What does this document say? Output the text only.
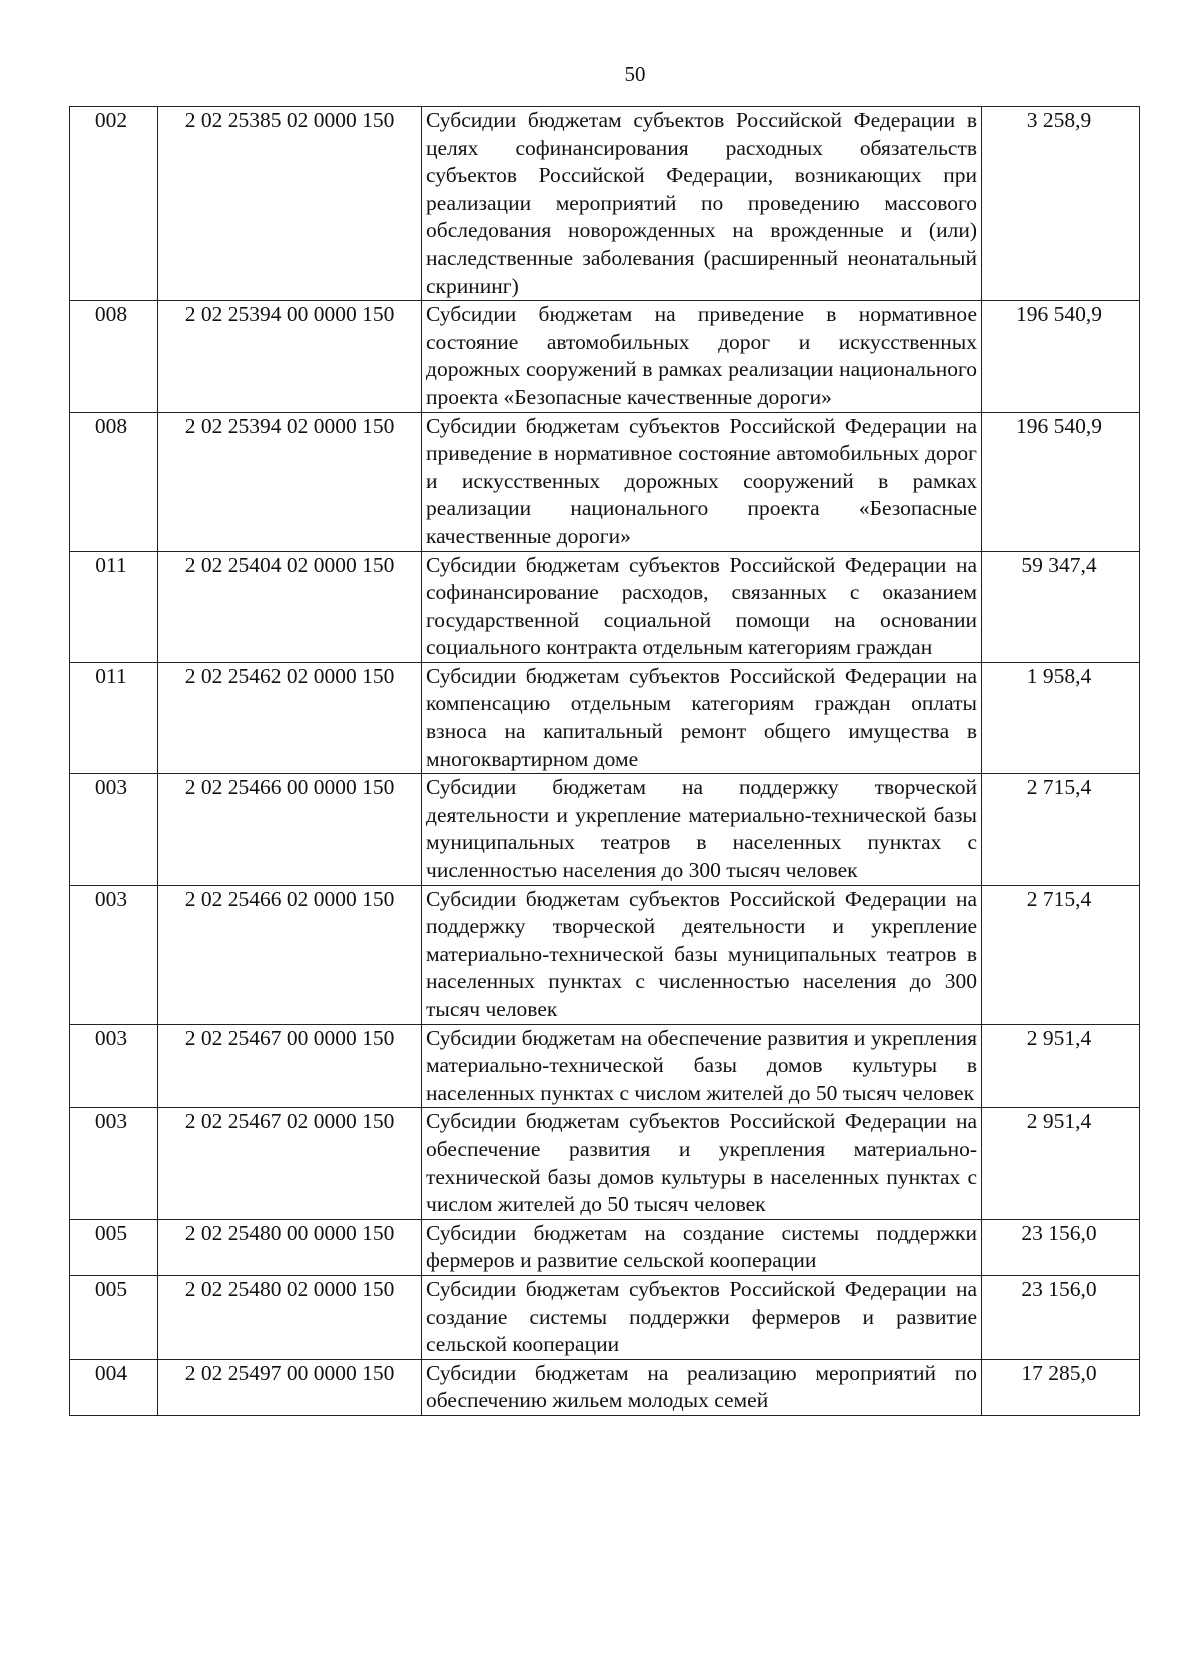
50
002	2 02 25385 02 0000 150	Субсидии бюджетам субъектов Российской Федерации в целях софинансирования расходных обязательств субъектов Российской Федерации, возникающих при реализации мероприятий по проведению массового обследования новорожденных на врожденные и (или) наследственные заболевания (расширенный неонатальный скрининг)	3 258,9
008	2 02 25394 00 0000 150	Субсидии бюджетам на приведение в нормативное состояние автомобильных дорог и искусственных дорожных сооружений в рамках реализации национального проекта «Безопасные качественные дороги»	196 540,9
008	2 02 25394 02 0000 150	Субсидии бюджетам субъектов Российской Федерации на приведение в нормативное состояние автомобильных дорог и искусственных дорожных сооружений в рамках реализации национального проекта «Безопасные качественные дороги»	196 540,9
011	2 02 25404 02 0000 150	Субсидии бюджетам субъектов Российской Федерации на софинансирование расходов, связанных с оказанием государственной социальной помощи на основании социального контракта отдельным категориям граждан	59 347,4
011	2 02 25462 02 0000 150	Субсидии бюджетам субъектов Российской Федерации на компенсацию отдельным категориям граждан оплаты взноса на капитальный ремонт общего имущества в многоквартирном доме	1 958,4
003	2 02 25466 00 0000 150	Субсидии бюджетам на поддержку творческой деятельности и укрепление материально-технической базы муниципальных театров в населенных пунктах с численностью населения до 300 тысяч человек	2 715,4
003	2 02 25466 02 0000 150	Субсидии бюджетам субъектов Российской Федерации на поддержку творческой деятельности и укрепление материально-технической базы муниципальных театров в населенных пунктах с численностью населения до 300 тысяч человек	2 715,4
003	2 02 25467 00 0000 150	Субсидии бюджетам на обеспечение развития и укрепления материально-технической базы домов культуры в населенных пунктах с числом жителей до 50 тысяч человек	2 951,4
003	2 02 25467 02 0000 150	Субсидии бюджетам субъектов Российской Федерации на обеспечение развития и укрепления материально-технической базы домов культуры в населенных пунктах с числом жителей до 50 тысяч человек	2 951,4
005	2 02 25480 00 0000 150	Субсидии бюджетам на создание системы поддержки фермеров и развитие сельской кооперации	23 156,0
005	2 02 25480 02 0000 150	Субсидии бюджетам субъектов Российской Федерации на создание системы поддержки фермеров и развитие сельской кооперации	23 156,0
004	2 02 25497 00 0000 150	Субсидии бюджетам на реализацию мероприятий по обеспечению жильем молодых семей	17 285,0
